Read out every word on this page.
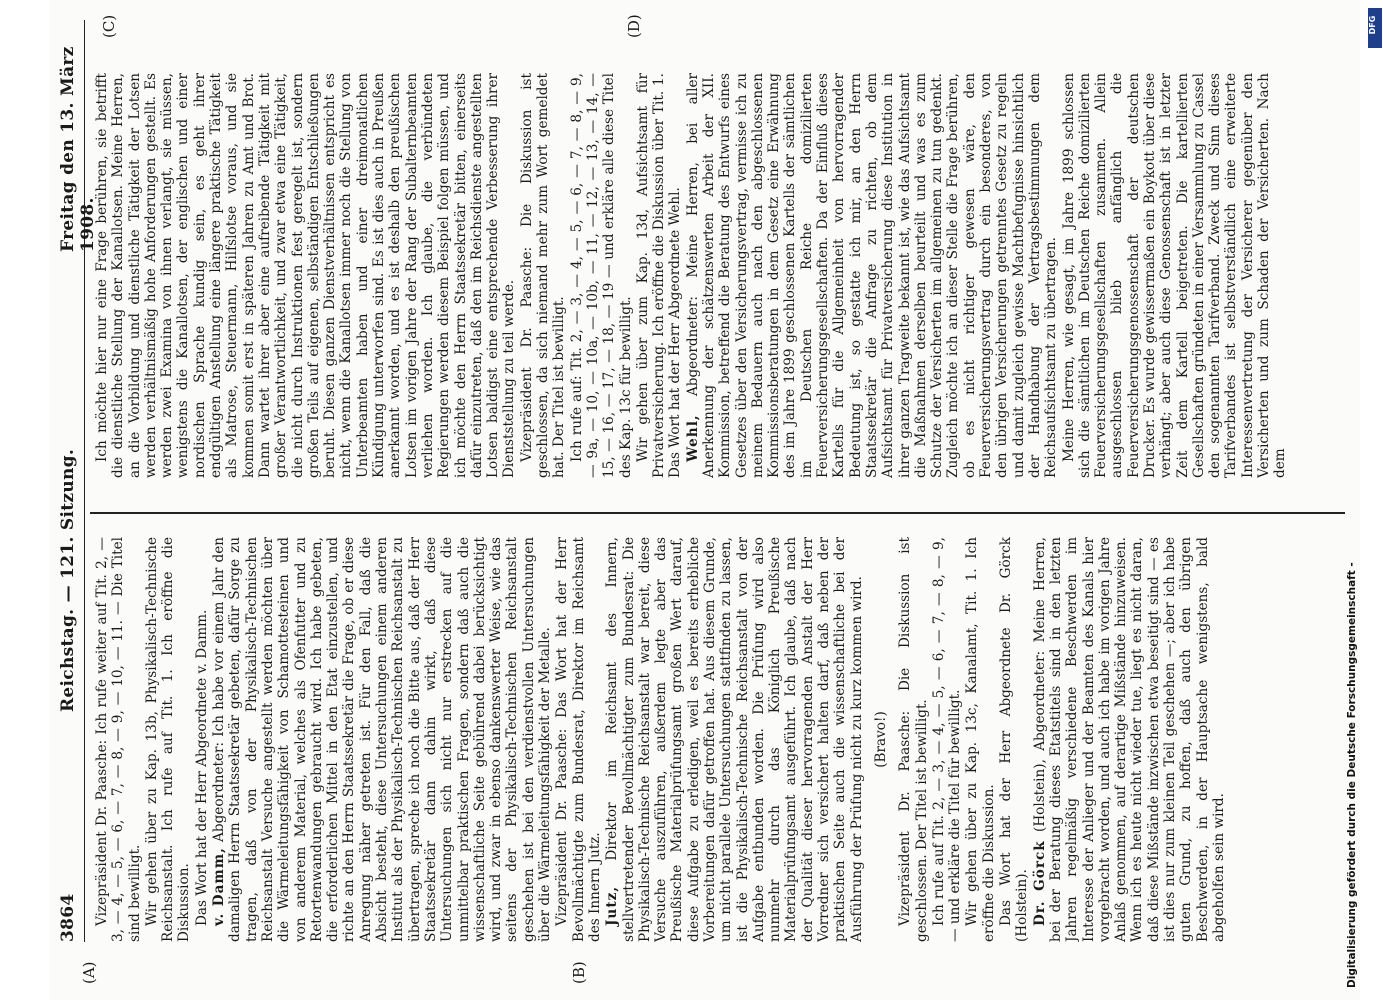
3864
Reichstag. — 121. Sitzung.
Freitag den 13. März 1908.
(A)	(B)
(C)	(D)

Vizepräsident Dr. Paasche: Ich rufe weiter auf Tit. 2, — 3, — 4, — 5, — 6, — 7, — 8, — 9, — 10, — 11. — Die Titel sind bewilligt. Wir gehen über zu Kap. 13b, Physikalisch-Technische Reichsanstalt. Ich rufe auf Tit. 1. Ich eröffne die Diskussion. Das Wort hat der Herr Abgeordnete v. Damm. v. Damm, Abgeordneter: Ich habe vor einem Jahr den damaligen Herrn Staatssekretär gebeten, dafür Sorge zu tragen, daß von der Physikalisch-Technischen Reichsanstalt Versuche angestellt werden möchten über die Wärmeleitungsfähigkeit von Schamottesteinen und von anderem Material, welches als Ofenfutter und zu Retortenwandungen gebraucht wird. Ich habe gebeten, die erforderlichen Mittel in den Etat einzustellen, und richte an den Herrn Staatssekretär die Frage, ob er diese Anregung näher getreten ist. Für den Fall, daß die Absicht besteht, diese Untersuchungen einem anderen Institut als der Physikalisch-Technischen Reichsanstalt zu übertragen, spreche ich noch die Bitte aus, daß der Herr Staatssekretär dann dahin wirkt, daß diese Untersuchungen sich nicht nur erstrecken auf die unmittelbar praktischen Fragen, sondern daß auch die wissenschaftliche Seite gebührend dabei berücksichtigt wird, und zwar in ebenso dankenswerter Weise, wie das seitens der Physikalisch-Technischen Reichsanstalt geschehen ist bei den verdienstvollen Untersuchungen über die Wärmeleitungsfähigkeit der Metalle. Vizepräsident Dr. Paasche: Das Wort hat der Herr Bevollmächtigte zum Bundesrat, Direktor im Reichsamt des Innern Jutz. Jutz, Direktor im Reichsamt des Innern, stellvertretender Bevollmächtigter zum Bundesrat: Die Physikalisch-Technische Reichsanstalt war bereit, diese Versuche auszuführen, außerdem legte aber das Preußische Materialprüfungsamt großen Wert darauf, diese Aufgabe zu erledigen, weil es bereits erhebliche Vorbereitungen dafür getroffen hat. Aus diesem Grunde, um nicht parallele Untersuchungen stattfinden zu lassen, ist die Physikalisch-Technische Reichsanstalt von der Aufgabe entbunden worden. Die Prüfung wird also nunmehr durch das Königlich Preußische Materialprüfungsamt ausgeführt. Ich glaube, daß nach der Qualität dieser hervorragenden Anstalt der Herr Vorredner sich versichert halten darf, daß neben der praktischen Seite auch die wissenschaftliche bei der Ausführung der Prüfung nicht zu kurz kommen wird. (Bravo!) Vizepräsident Dr. Paasche: Die Diskussion ist geschlossen. Der Titel ist bewilligt. Ich rufe auf Tit. 2, — 3, — 4, — 5, — 6, — 7, — 8, — 9, — und erkläre die Titel für bewilligt. Wir gehen über zu Kap. 13c, Kanalamt, Tit. 1. Ich eröffne die Diskussion. Das Wort hat der Herr Abgeordnete Dr. Görck (Holstein). Dr. Görck (Holstein), Abgeordneter: Meine Herren, bei der Beratung dieses Etatstitels sind in den letzten Jahren regelmäßig verschiedene Beschwerden im Interesse der Anlieger und der Beamten des Kanals hier vorgebracht worden, und auch ich habe im vorigen Jahre Anlaß genommen, auf derartige Mißstände hinzuweisen. Wenn ich es heute nicht wieder tue, liegt es nicht daran, daß diese Mißstände inzwischen etwa beseitigt sind — es ist dies nur zum kleinen Teil geschehen —; aber ich habe guten Grund, zu hoffen, daß auch den übrigen Beschwerden, in der Hauptsache wenigstens, bald abgeholfen sein wird.

Ich möchte hier nur eine Frage berühren, sie betrifft die dienstliche Stellung der Kanallotsen. Meine Herren, an die Vorbildung und dienstliche Tätigkeit der Lotsen werden verhältnismäßig hohe Anforderungen gestellt. Es werden zwei Examina von ihnen verlangt, sie müssen, wenigstens die Kanallotsen, der englischen und einer nordischen Sprache kundig sein, es geht ihrer endgültigen Anstellung eine längere praktische Tätigkeit als Matrose, Steuermann, Hilfslotse voraus, und sie kommen somit erst in späteren Jahren zu Amt und Brot. Dann wartet ihrer aber eine aufreibende Tätigkeit mit großer Verantwortlichkeit, und zwar etwa eine Tätigkeit, die nicht durch Instruktionen fest geregelt ist, sondern großen Teils auf eigenen, selbständigen Entschließungen beruht. Diesen ganzen Dienstverhältnissen entspricht es nicht, wenn die Kanallotsen immer noch die Stellung von Unterbeamten haben und einer dreimonatlichen Kündigung unterworfen sind. Es ist dies auch in Preußen anerkannt worden, und es ist deshalb den preußischen Lotsen im vorigen Jahre der Rang der Subalternbeamten verliehen worden. Ich glaube, die verbündeten Regierungen werden diesem Beispiel folgen müssen, und ich möchte den Herrn Staatssekretär bitten, einerseits dafür einzutreten, daß den im Reichsdienste angestellten Lotsen baldigst eine entsprechende Verbesserung ihrer Dienststellung zu teil werde. Vizepräsident Dr. Paasche: Die Diskussion ist geschlossen, da sich niemand mehr zum Wort gemeldet hat. Der Titel ist bewilligt. Ich rufe auf: Tit. 2, — 3, — 4, — 5, — 6, — 7, — 8, — 9, — 9a, — 10, — 10a, — 10b, — 11, — 12, — 13, — 14, — 15, — 16, — 17, — 18, — 19 — und erkläre alle diese Titel des Kap. 13c für bewilligt. Wir gehen über zum Kap. 13d, Aufsichtsamt für Privatversicherung. Ich eröffne die Diskussion über Tit. 1. Das Wort hat der Herr Abgeordnete Wehl. Wehl, Abgeordneter: Meine Herren, bei aller Anerkennung der schätzenswerten Arbeit der XII. Kommission, betreffend die Beratung des Entwurfs eines Gesetzes über den Versicherungsvertrag, vermisse ich zu meinem Bedauern auch nach den abgeschlossenen Kommissionsberatungen in dem Gesetz eine Erwähnung des im Jahre 1899 geschlossenen Kartells der sämtlichen im Deutschen Reiche domizilierten Feuerversicherungsgesellschaften. Da der Einfluß dieses Kartells für die Allgemeinheit von hervorragender Bedeutung ist, so gestatte ich mir, an den Herrn Staatssekretär die Anfrage zu richten, ob dem Aufsichtsamt für Privatversicherung diese Institution in ihrer ganzen Tragweite bekannt ist, wie das Aufsichtsamt die Maßnahmen derselben beurteilt und was es zum Schutze der Versicherten im allgemeinen zu tun gedenkt. Zugleich möchte ich an dieser Stelle die Frage berühren, ob es nicht richtiger gewesen wäre, den Feuerversicherungsvertrag durch ein besonderes, von den übrigen Versicherungen getrenntes Gesetz zu regeln und damit zugleich gewisse Machtbefugnisse hinsichtlich der Handhabung der Vertragsbestimmungen dem Reichsaufsichtsamt zu übertragen. Meine Herren, wie gesagt, im Jahre 1899 schlossen sich die sämtlichen im Deutschen Reiche domizilierten Feuerversicherungsgesellschaften zusammen. Allein ausgeschlossen blieb anfänglich die Feuerversicherungsgenossenschaft der deutschen Drucker. Es wurde gewissermaßen ein Boykott über diese verhängt; aber auch diese Genossenschaft ist in letzter Zeit dem Kartell beigetreten. Die kartellierten Gesellschaften gründeten in einer Versammlung zu Cassel den sogenannten Tarifverband. Zweck und Sinn dieses Tarifverbandes ist selbstverständlich eine erweiterte Interessenvertretung der Versicherer gegenüber den Versicherten und zum Schaden der Versicherten. Nach dem

Digitalisierung gefördert durch die Deutsche Forschungsgemeinschaft -
DFG
